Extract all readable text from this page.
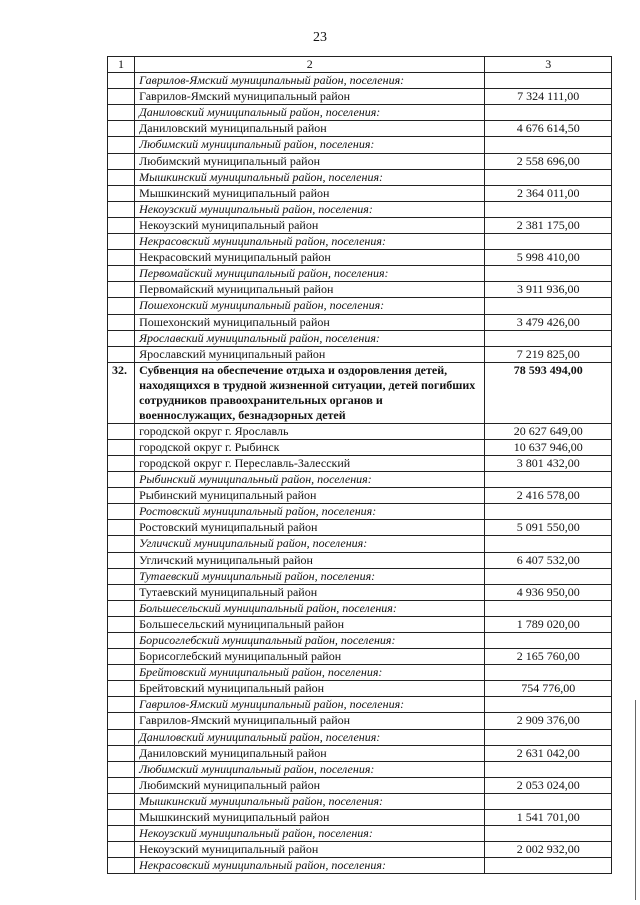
23
1	2	3
	Гаврилов-Ямский муниципальный район, поселения:	
	Гаврилов-Ямский муниципальный район	7 324 111,00
	Даниловский муниципальный район, поселения:	
	Даниловский муниципальный район	4 676 614,50
	Любимский муниципальный район, поселения:	
	Любимский муниципальный район	2 558 696,00
	Мышкинский муниципальный район, поселения:	
	Мышкинский муниципальный район	2 364 011,00
	Некоузский муниципальный район, поселения:	
	Некоузский муниципальный район	2 381 175,00
	Некрасовский муниципальный район, поселения:	
	Некрасовский муниципальный район	5 998 410,00
	Первомайский муниципальный район, поселения:	
	Первомайский муниципальный район	3 911 936,00
	Пошехонский муниципальный район, поселения:	
	Пошехонский муниципальный район	3 479 426,00
	Ярославский муниципальный район, поселения:	
	Ярославский муниципальный район	7 219 825,00
32.	Субвенция на обеспечение отдыха и оздоровления детей, находящихся в трудной жизненной ситуации, детей погибших сотрудников правоохранительных органов и военнослужащих, безнадзорных детей	78 593 494,00
	городской округ г. Ярославль	20 627 649,00
	городской округ г. Рыбинск	10 637 946,00
	городской округ г. Переславль-Залесский	3 801 432,00
	Рыбинский муниципальный район, поселения:	
	Рыбинский муниципальный район	2 416 578,00
	Ростовский муниципальный район, поселения:	
	Ростовский муниципальный район	5 091 550,00
	Угличский муниципальный район, поселения:	
	Угличский муниципальный район	6 407 532,00
	Тутаевский муниципальный район, поселения:	
	Тутаевский муниципальный район	4 936 950,00
	Большесельский муниципальный район, поселения:	
	Большесельский муниципальный район	1 789 020,00
	Борисоглебский муниципальный район, поселения:	
	Борисоглебский муниципальный район	2 165 760,00
	Брейтовский муниципальный район, поселения:	
	Брейтовский муниципальный район	754 776,00
	Гаврилов-Ямский муниципальный район, поселения:	
	Гаврилов-Ямский муниципальный район	2 909 376,00
	Даниловский муниципальный район, поселения:	
	Даниловский муниципальный район	2 631 042,00
	Любимский муниципальный район, поселения:	
	Любимский муниципальный район	2 053 024,00
	Мышкинский муниципальный район, поселения:	
	Мышкинский муниципальный район	1 541 701,00
	Некоузский муниципальный район, поселения:	
	Некоузский муниципальный район	2 002 932,00
	Некрасовский муниципальный район, поселения:	
